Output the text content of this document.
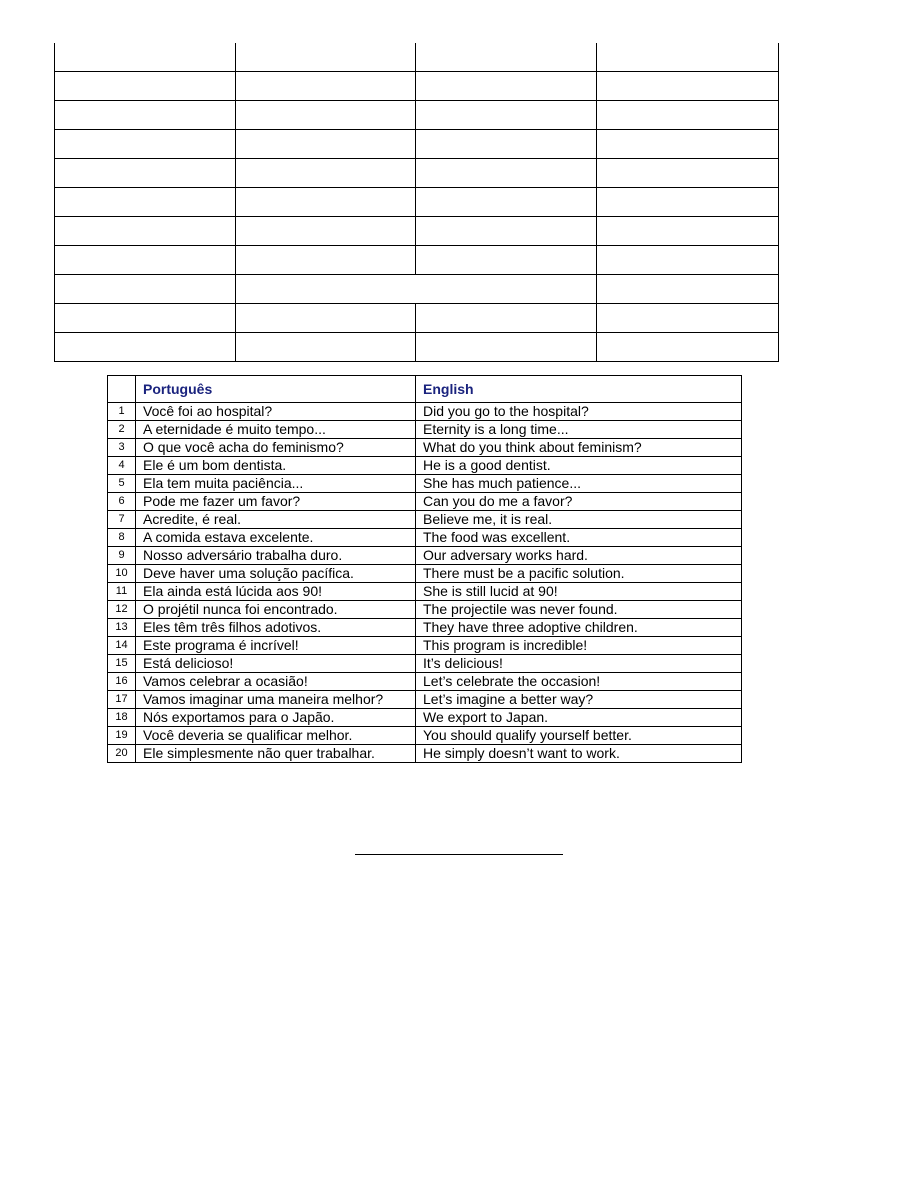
	Português	English
1	Você foi ao hospital?	Did you go to the hospital?
2	A eternidade é muito tempo...	Eternity is a long time...
3	O que você acha do feminismo?	What do you think about feminism?
4	Ele é um bom dentista.	He is a good dentist.
5	Ela tem muita paciência...	She has much patience...
6	Pode me fazer um favor?	Can you do me a favor?
7	Acredite, é real.	Believe me, it is real.
8	A comida estava excelente.	The food was excellent.
9	Nosso adversário trabalha duro.	Our adversary works hard.
10	Deve haver uma solução pacífica.	There must be a pacific solution.
11	Ela ainda está lúcida aos 90!	She is still lucid at 90!
12	O projétil nunca foi encontrado.	The projectile was never found.
13	Eles têm três filhos adotivos.	They have three adoptive children.
14	Este programa é incrível!	This program is incredible!
15	Está delicioso!	It’s delicious!
16	Vamos celebrar a ocasião!	Let’s celebrate the occasion!
17	Vamos imaginar uma maneira melhor?	Let’s imagine a better way?
18	Nós exportamos para o Japão.	We export to Japan.
19	Você deveria se qualificar melhor.	You should qualify yourself better.
20	Ele simplesmente não quer trabalhar.	He simply doesn’t want to work.
